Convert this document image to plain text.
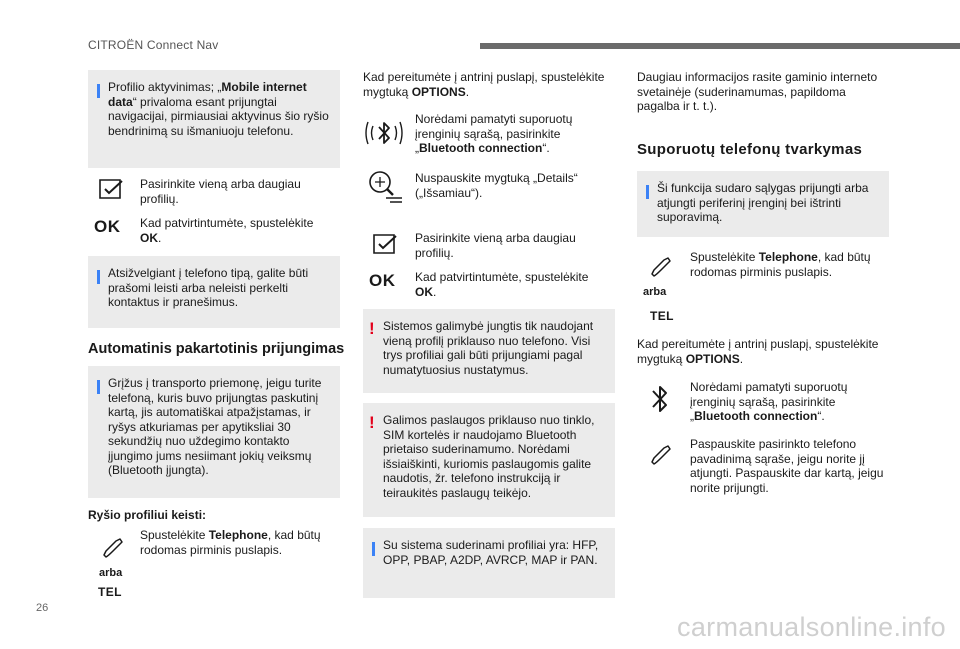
CITROËN Connect Nav
Profilio aktyvinimas; „Mobile internet data“ privaloma esant prijungtai navigacijai, pirmiausiai aktyvinus šio ryšio bendrinimą su išmaniuoju telefonu.
Pasirinkite vieną arba daugiau profilių.
OK Kad patvirtintumėte, spustelėkite OK.
Atsižvelgiant į telefono tipą, galite būti prašomi leisti arba neleisti perkelti kontaktus ir pranešimus.
Automatinis pakartotinis prijungimas
Grįžus į transporto priemonę, jeigu turite telefoną, kuris buvo prijungtas paskutinį kartą, jis automatiškai atpažįstamas, ir ryšys atkuriamas per apytiksliai 30 sekundžių nuo uždegimo kontakto įjungimo jums nesiimant jokių veiksmų (Bluetooth įjungta).
Ryšio profiliui keisti:
arba
TEL
Spustelėkite Telephone, kad būtų rodomas pirminis puslapis.
Kad pereitumėte į antrinį puslapį, spustelėkite mygtuką OPTIONS.
Norėdami pamatyti suporuotų įrenginių sąrašą, pasirinkite „Bluetooth connection“.
Nuspauskite mygtuką „Details“ („Išsamiau“).
Pasirinkite vieną arba daugiau profilių.
OK Kad patvirtintumėte, spustelėkite OK.
! Sistemos galimybė jungtis tik naudojant vieną profilį priklauso nuo telefono. Visi trys profiliai gali būti prijungiami pagal numatytuosius nustatymus.
! Galimos paslaugos priklauso nuo tinklo, SIM kortelės ir naudojamo Bluetooth prietaiso suderinamumo. Norėdami išsiaiškinti, kuriomis paslaugomis galite naudotis, žr. telefono instrukciją ir teiraukitės paslaugų teikėjo.
Su sistema suderinami profiliai yra: HFP, OPP, PBAP, A2DP, AVRCP, MAP ir PAN.
Daugiau informacijos rasite gaminio interneto svetainėje (suderinamumas, papildoma pagalba ir t. t.).
Suporuotų telefonų tvarkymas
Ši funkcija sudaro sąlygas prijungti arba atjungti periferinį įrenginį bei ištrinti suporavimą.
arba
TEL
Spustelėkite Telephone, kad būtų rodomas pirminis puslapis.
Kad pereitumėte į antrinį puslapį, spustelėkite mygtuką OPTIONS.
Norėdami pamatyti suporuotų įrenginių sąrašą, pasirinkite „Bluetooth connection“.
Paspauskite pasirinkto telefono pavadinimą sąraše, jeigu norite jį atjungti. Paspauskite dar kartą, jeigu norite prijungti.
26
carmanualsonline.info
